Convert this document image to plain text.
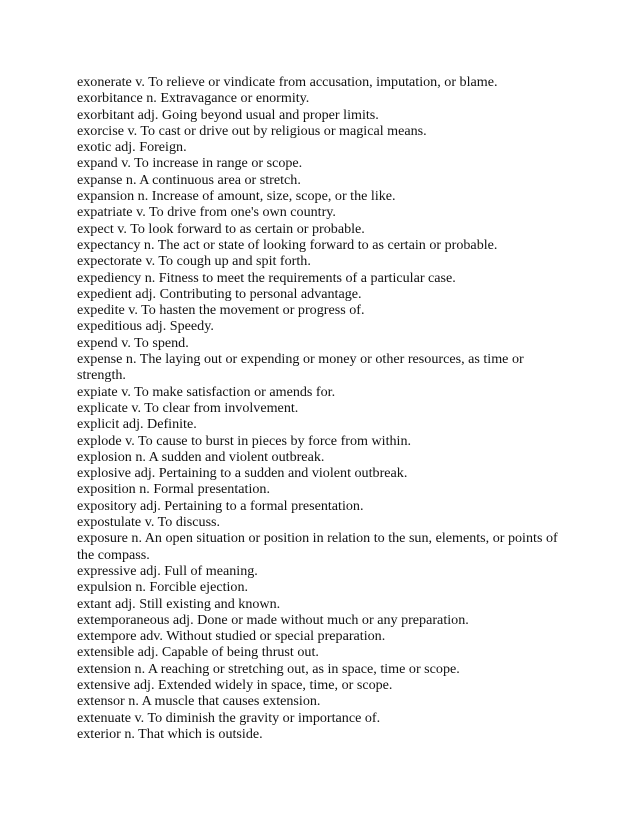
exonerate v. To relieve or vindicate from accusation, imputation, or blame.

exorbitance n. Extravagance or enormity.

exorbitant adj. Going beyond usual and proper limits.

exorcise v. To cast or drive out by religious or magical means.

exotic adj. Foreign.

expand v. To increase in range or scope.

expanse n. A continuous area or stretch.

expansion n. Increase of amount, size, scope, or the like.

expatriate v. To drive from one's own country.

expect v. To look forward to as certain or probable.

expectancy n. The act or state of looking forward to as certain or probable.

expectorate v. To cough up and spit forth.

expediency n. Fitness to meet the requirements of a particular case.

expedient adj. Contributing to personal advantage.

expedite v. To hasten the movement or progress of.

expeditious adj. Speedy.

expend v. To spend.

expense n. The laying out or expending or money or other resources, as time or strength.

expiate v. To make satisfaction or amends for.

explicate v. To clear from involvement.

explicit adj. Definite.

explode v. To cause to burst in pieces by force from within.

explosion n. A sudden and violent outbreak.

explosive adj. Pertaining to a sudden and violent outbreak.

exposition n. Formal presentation.

expository adj. Pertaining to a formal presentation.

expostulate v. To discuss.

exposure n. An open situation or position in relation to the sun, elements, or points of the compass.

expressive adj. Full of meaning.

expulsion n. Forcible ejection.

extant adj. Still existing and known.

extemporaneous adj. Done or made without much or any preparation.

extempore adv. Without studied or special preparation.

extensible adj. Capable of being thrust out.

extension n. A reaching or stretching out, as in space, time or scope.

extensive adj. Extended widely in space, time, or scope.

extensor n. A muscle that causes extension.

extenuate v. To diminish the gravity or importance of.

exterior n. That which is outside.
